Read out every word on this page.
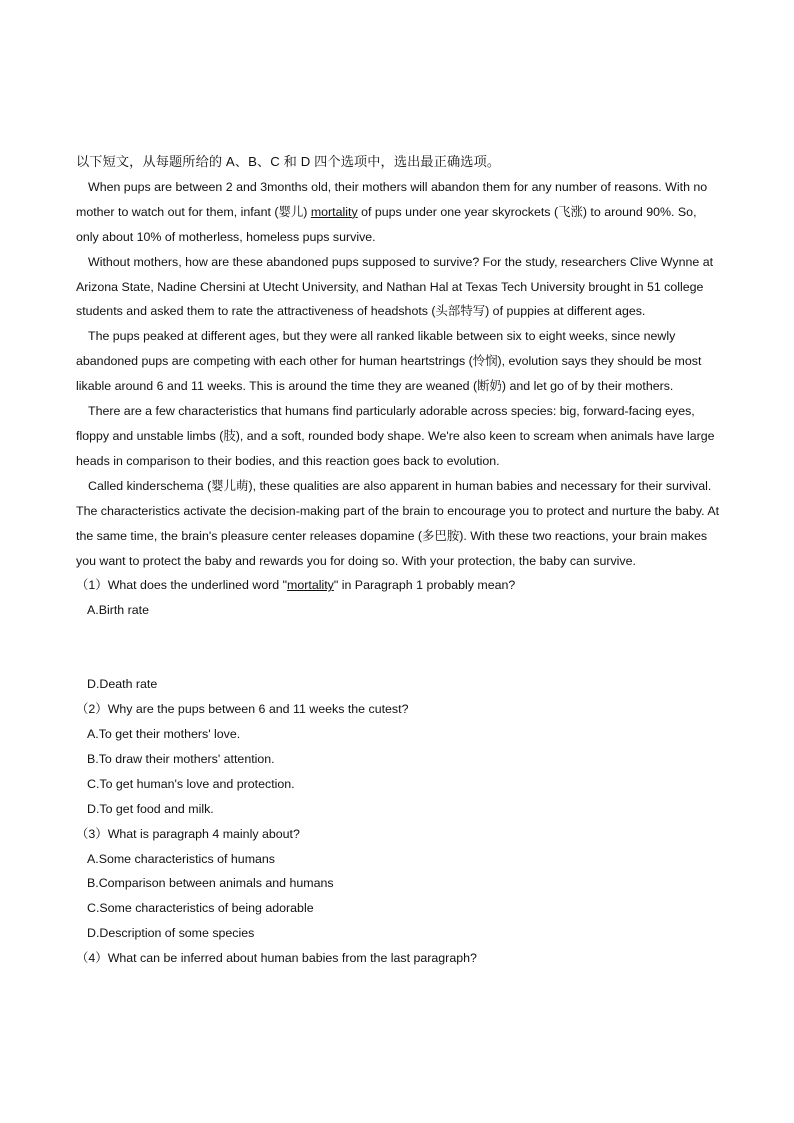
以下短文，从每题所给的 A、B、C 和 D 四个选项中，选出最正确选项。

When pups are between 2 and 3months old, their mothers will abandon them for any number of reasons. With no mother to watch out for them, infant (婴儿) mortality of pups under one year skyrockets (飞涨) to around 90%. So, only about 10% of motherless, homeless pups survive.

Without mothers, how are these abandoned pups supposed to survive? For the study, researchers Clive Wynne at Arizona State, Nadine Chersini at Utecht University, and Nathan Hal at Texas Tech University brought in 51 college students and asked them to rate the attractiveness of headshots (头部特写) of puppies at different ages.

The pups peaked at different ages, but they were all ranked likable between six to eight weeks, since newly abandoned pups are competing with each other for human heartstrings (怜悯), evolution says they should be most likable around 6 and 11 weeks. This is around the time they are weaned (断奶) and let go of by their mothers.

There are a few characteristics that humans find particularly adorable across species: big, forward-facing eyes, floppy and unstable limbs (肢), and a soft, rounded body shape. We're also keen to scream when animals have large heads in comparison to their bodies, and this reaction goes back to evolution.

Called kinderschema (婴儿萌), these qualities are also apparent in human babies and necessary for their survival. The characteristics activate the decision-making part of the brain to encourage you to protect and nurture the baby. At the same time, the brain's pleasure center releases dopamine (多巴胺). With these two reactions, your brain makes you want to protect the baby and rewards you for doing so. With your protection, the baby can survive.

（1）What does the underlined word "mortality" in Paragraph 1 probably mean?
A.Birth rate
D.Death rate
（2）Why are the pups between 6 and 11 weeks the cutest?
A.To get their mothers' love.
B.To draw their mothers' attention.
C.To get human's love and protection.
D.To get food and milk.
（3）What is paragraph 4 mainly about?
A.Some characteristics of humans
B.Comparison between animals and humans
C.Some characteristics of being adorable
D.Description of some species
（4）What can be inferred about human babies from the last paragraph?
